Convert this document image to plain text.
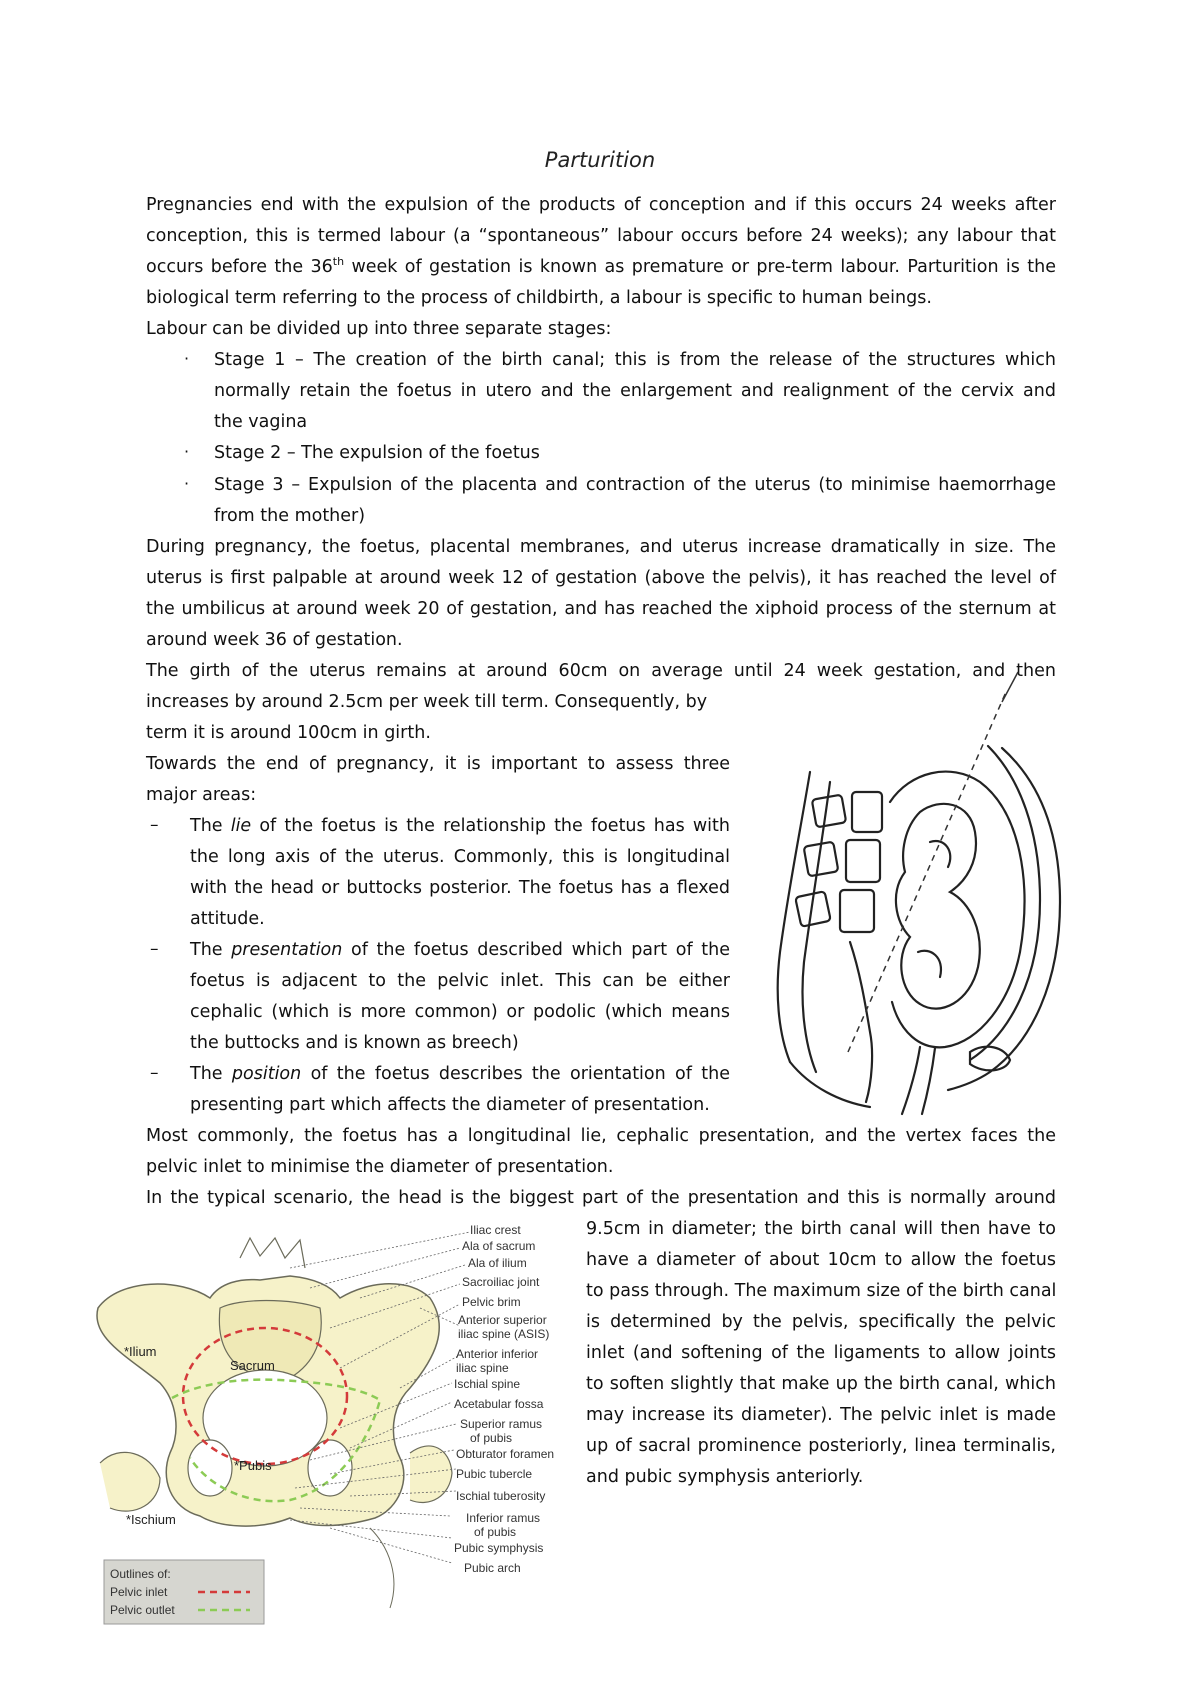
Parturition
Pregnancies end with the expulsion of the products of conception and if this occurs 24 weeks after
conception, this is termed labour (a “spontaneous” labour occurs before 24 weeks); any labour that
occurs before the 36th week of gestation is known as premature or pre-term labour. Parturition is the
biological term referring to the process of childbirth, a labour is specific to human beings.
Labour can be divided up into three separate stages:
· Stage 1 – The creation of the birth canal; this is from the release of the structures which
normally retain the foetus in utero and the enlargement and realignment of the cervix and
the vagina
· Stage 2 – The expulsion of the foetus
· Stage 3 – Expulsion of the placenta and contraction of the uterus (to minimise haemorrhage
from the mother)
During pregnancy, the foetus, placental membranes, and uterus increase dramatically in size. The
uterus is first palpable at around week 12 of gestation (above the pelvis), it has reached the level of
the umbilicus at around week 20 of gestation, and has reached the xiphoid process of the sternum at
around week 36 of gestation.
The girth of the uterus remains at around 60cm on average until 24 week gestation, and then
increases by around 2.5cm per week till term. Consequently, by
term it is around 100cm in girth.
Towards the end of pregnancy, it is important to assess three
major areas:
– The lie of the foetus is the relationship the foetus has with
the long axis of the uterus. Commonly, this is longitudinal
with the head or buttocks posterior. The foetus has a flexed
attitude.
– The presentation of the foetus described which part of the
foetus is adjacent to the pelvic inlet. This can be either
cephalic (which is more common) or podolic (which means
the buttocks and is known as breech)
– The position of the foetus describes the orientation of the
presenting part which affects the diameter of presentation.
Most commonly, the foetus has a longitudinal lie, cephalic presentation, and the vertex faces the
pelvic inlet to minimise the diameter of presentation.
In the typical scenario, the head is the biggest part of the presentation and this is normally around
9.5cm in diameter; the birth canal will then have to
have a diameter of about 10cm to allow the foetus
to pass through. The maximum size of the birth canal
is determined by the pelvis, specifically the pelvic
inlet (and softening of the ligaments to allow joints
to soften slightly that make up the birth canal, which
may increase its diameter). The pelvic inlet is made
up of sacral prominence posteriorly, linea terminalis,
and pubic symphysis anteriorly.
*Ilium
Sacrum
*Pubis
*Ischium
Iliac crest
Ala of sacrum
Ala of ilium
Sacroiliac joint
Pelvic brim
Anterior superior
iliac spine (ASIS)
Anterior inferior
iliac spine
Ischial spine
Acetabular fossa
Superior ramus
of pubis
Obturator foramen
Pubic tubercle
Ischial tuberosity
Inferior ramus
of pubis
Pubic symphysis
Pubic arch
Outlines of:
Pelvic inlet
Pelvic outlet
